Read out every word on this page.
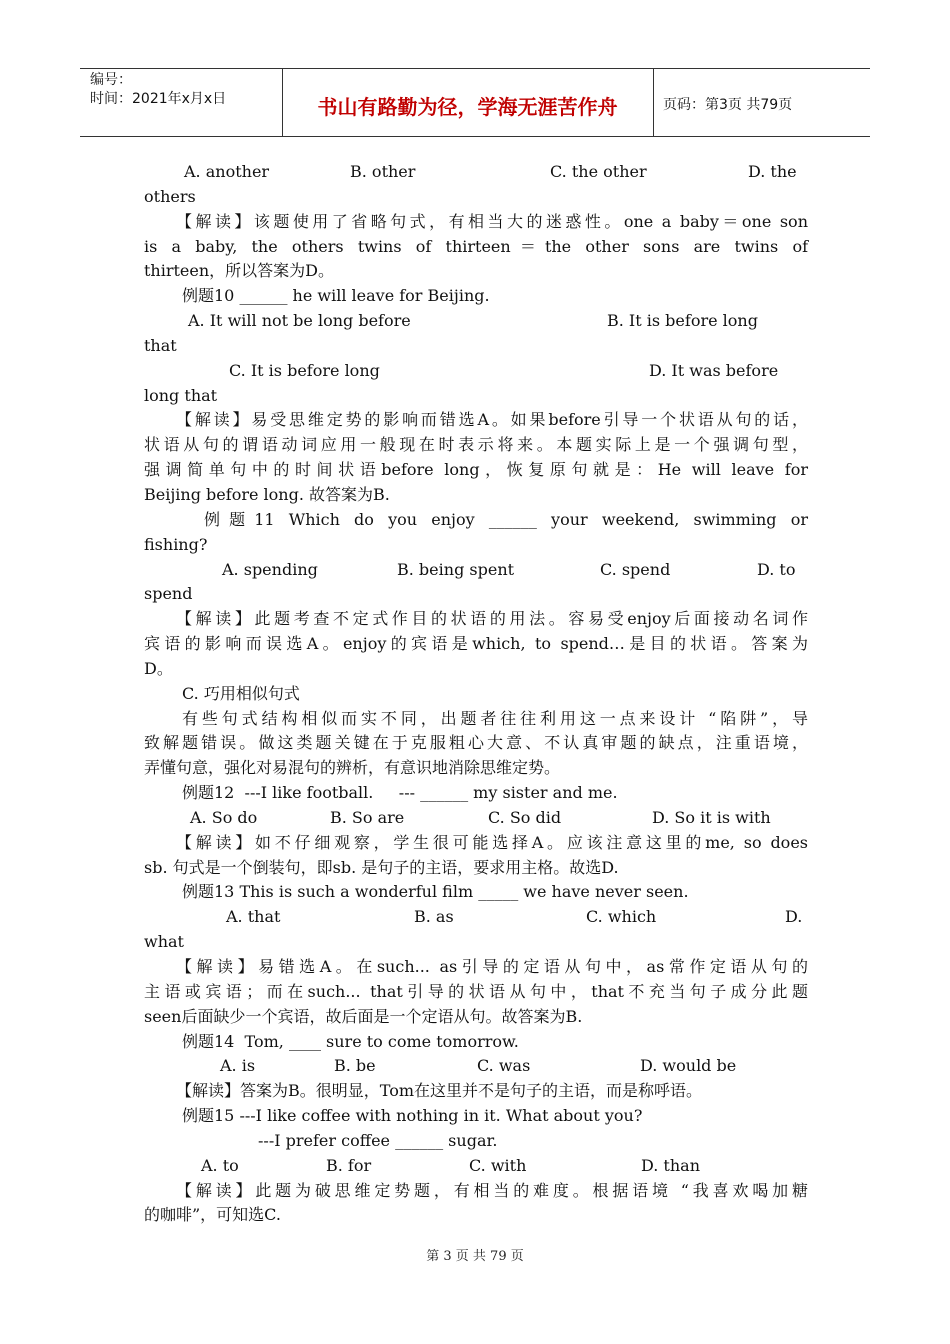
编号：
时间：2021年x月x日	书山有路勤为径，学海无涯苦作舟	页码：第3页 共79页

A. another

	B. other

	C. the other

	D. the

others
【解读】该题使用了省略句式，有相当大的迷惑性。one a baby＝one son
is a baby, the others twins of thirteen＝the other sons are twins of
thirteen，所以答案为D。
例题10 ______ he will leave for Beijing.

A. It will not be long before

	B. It is before long

that

C. It is before long

	D. It was before

long that
【解读】易受思维定势的影响而错选A。如果before引导一个状语从句的话，
状语从句的谓语动词应用一般现在时表示将来。本题实际上是一个强调句型，
强调简单句中的时间状语before long，恢复原句就是：He will leave for
Beijing before long. 故答案为B.
例题11 Which do you enjoy ______ your weekend, swimming or
fishing?

A. spending

	B. being spent

	C. spend

	D. to

spend
【解读】此题考查不定式作目的状语的用法。容易受enjoy后面接动名词作
宾语的影响而误选A。enjoy的宾语是which, to spend…是目的状语。答案为
D。
C. 巧用相似句式
有些句式结构相似而实不同，出题者往往利用这一点来设计 “陷阱”，导
致解题错误。做这类题关键在于克服粗心大意、不认真审题的缺点，注重语境，
弄懂句意，强化对易混句的辨析，有意识地消除思维定势。
例题12  ---I like football.     --- ______ my sister and me.

A. So do

	B. So are

	C. So did

	D. So it is with

【解读】如不仔细观察，学生很可能选择A。应该注意这里的me, so does
sb. 句式是一个倒装句，即sb. 是句子的主语，要求用主格。故选D.
例题13 This is such a wonderful film _____ we have never seen.

A. that

	B. as

	C. which

	D.

what
【解读】易错选A。在such... as引导的定语从句中，as常作定语从句的
主语或宾语；而在such... that引导的状语从句中，that不充当句子成分此题
seen后面缺少一个宾语，故后面是一个定语从句。故答案为B.
例题14  Tom, ____ sure to come tomorrow.

A. is

	B. be

	C. was

	D. would be

【解读】答案为B。很明显，Tom在这里并不是句子的主语，而是称呼语。
例题15 ---I like coffee with nothing in it. What about you?
---I prefer coffee ______ sugar.

A. to

	B. for

	C. with

	D. than

【解读】此题为破思维定势题，有相当的难度。根据语境 “我喜欢喝加糖
的咖啡”，可知选C.
第 3 页 共 79 页
